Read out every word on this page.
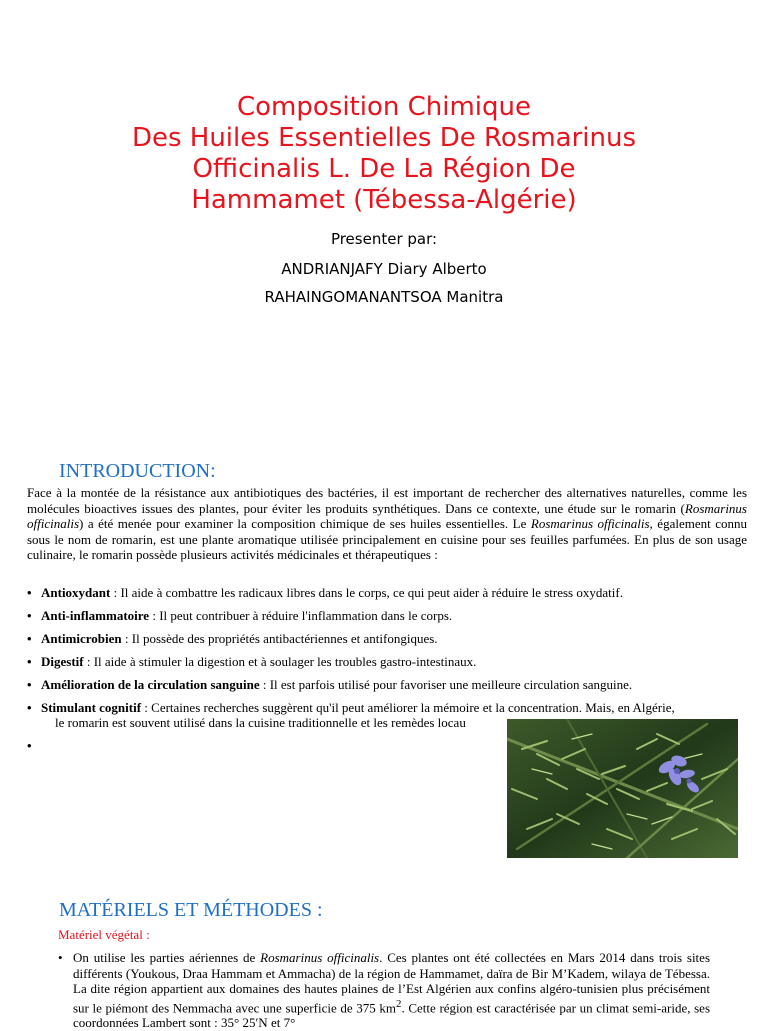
Composition Chimique
Des Huiles Essentielles De Rosmarinus
Officinalis L. De La Région De
Hammamet (Tébessa-Algérie)
Presenter par:
ANDRIANJAFY Diary Alberto
RAHAINGOMANANTSOA Manitra
INTRODUCTION:
Face à la montée de la résistance aux antibiotiques des bactéries, il est important de rechercher des alternatives naturelles, comme les molécules bioactives issues des plantes, pour éviter les produits synthétiques. Dans ce contexte, une étude sur le romarin (Rosmarinus officinalis) a été menée pour examiner la composition chimique de ses huiles essentielles. Le Rosmarinus officinalis, également connu sous le nom de romarin, est une plante aromatique utilisée principalement en cuisine pour ses feuilles parfumées. En plus de son usage culinaire, le romarin possède plusieurs activités médicinales et thérapeutiques :
• Antioxydant : Il aide à combattre les radicaux libres dans le corps, ce qui peut aider à réduire le stress oxydatif.
• Anti-inflammatoire : Il peut contribuer à réduire l'inflammation dans le corps.
• Antimicrobien : Il possède des propriétés antibactériennes et antifongiques.
• Digestif : Il aide à stimuler la digestion et à soulager les troubles gastro-intestinaux.
• Amélioration de la circulation sanguine : Il est parfois utilisé pour favoriser une meilleure circulation sanguine.
• Stimulant cognitif : Certaines recherches suggèrent qu'il peut améliorer la mémoire et la concentration. Mais, en Algérie,
le romarin est souvent utilisé dans la cuisine traditionnelle et les remèdes locau
•
MATÉRIELS ET MÉTHODES :
Matériel végétal :
• On utilise les parties aériennes de Rosmarinus officinalis. Ces plantes ont été collectées en Mars 2014 dans trois sites différents (Youkous, Draa Hammam et Ammacha) de la région de Hammamet, daïra de Bir M’Kadem, wilaya de Tébessa. La dite région appartient aux domaines des hautes plaines de l’Est Algérien aux confins algéro-tunisien plus précisément sur le piémont des Nemmacha avec une superficie de 375 $km^2$. Cette région est caractérisée par un climat semi-aride, ses coordonnées Lambert sont : 35° 25′N et 7°
